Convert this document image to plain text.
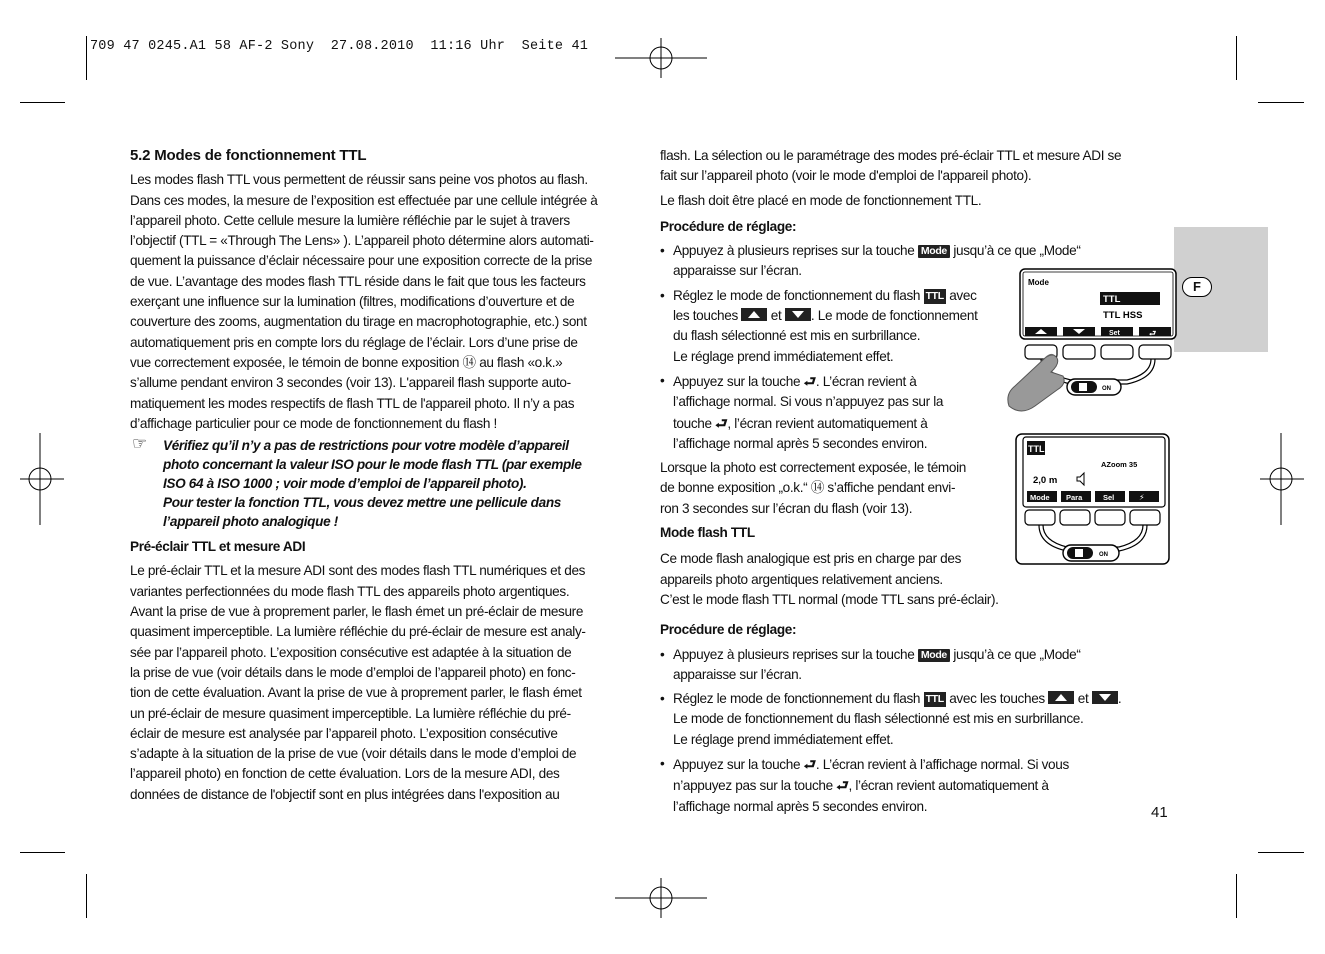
709 47 0245.A1 58 AF-2 Sony  27.08.2010  11:16 Uhr  Seite 41
F
5.2 Modes de fonctionnement TTL
Les modes flash TTL vous permettent de réussir sans peine vos photos au flash.
Dans ces modes, la mesure de l’exposition est effectuée par une cellule intégrée à
l’appareil photo. Cette cellule mesure la lumière réfléchie par le sujet à travers
l’objectif (TTL = «Through The Lens» ). L’appareil photo détermine alors automati-
quement la puissance d’éclair nécessaire pour une exposition correcte de la prise
de vue. L’avantage des modes flash TTL réside dans le fait que tous les facteurs
exerçant une influence sur la lumination (filtres, modifications d’ouverture et de
couverture des zooms, augmentation du tirage en macrophotographie, etc.) sont
automatiquement pris en compte lors du réglage de l’éclair. Lors d’une prise de
vue correctement exposée, le témoin de bonne exposition ⑭ au flash «o.k.»
s’allume pendant environ 3 secondes (voir 13). L'appareil flash supporte auto-
matiquement les modes respectifs de flash TTL de l'appareil photo. Il n’y a pas
d’affichage particulier pour ce mode de fonctionnement du flash !
☞ Vérifiez qu’il n’y a pas de restrictions pour votre modèle d’appareil
photo concernant la valeur ISO pour le mode flash TTL (par exemple
ISO 64 à ISO 1000 ; voir mode d’emploi de l’appareil photo).
Pour tester la fonction TTL, vous devez mettre une pellicule dans
l’appareil photo analogique !
Pré-éclair TTL et mesure ADI
Le pré-éclair TTL et la mesure ADI sont des modes flash TTL numériques et des
variantes perfectionnées du mode flash TTL des appareils photo argentiques.
Avant la prise de vue à proprement parler, le flash émet un pré-éclair de mesure
quasiment imperceptible. La lumière réfléchie du pré-éclair de mesure est analy-
sée par l’appareil photo. L’exposition consécutive est adaptée à la situation de
la prise de vue (voir détails dans le mode d’emploi de l’appareil photo) en fonc-
tion de cette évaluation. Avant la prise de vue à proprement parler, le flash émet
un pré-éclair de mesure quasiment imperceptible. La lumière réfléchie du pré-
éclair de mesure est analysée par l’appareil photo. L’exposition consécutive
s’adapte à la situation de la prise de vue (voir détails dans le mode d’emploi de
l’appareil photo) en fonction de cette évaluation. Lors de la mesure ADI, des
données de distance de l'objectif sont en plus intégrées dans l'exposition au
flash. La sélection ou le paramétrage des modes pré-éclair TTL et mesure ADI se
fait sur l’appareil photo (voir le mode d'emploi de l'appareil photo).
Le flash doit être placé en mode de fonctionnement TTL.
Procédure de réglage:
• Appuyez à plusieurs reprises sur la touche Mode jusqu’à ce que „Mode“
apparaisse sur l’écran.
• Réglez le mode de fonctionnement du flash TTL avec
les touches et . Le mode de fonctionnement
du flash sélectionné est mis en surbrillance.
Le réglage prend immédiatement effet.
• Appuyez sur la touche ⮐. L’écran revient à
l’affichage normal. Si vous n’appuyez pas sur la
touche ⮐, l’écran revient automatiquement à
l’affichage normal après 5 secondes environ.
Lorsque la photo est correctement exposée, le témoin
de bonne exposition „o.k.“ ⑭ s’affiche pendant envi-
ron 3 secondes sur l’écran du flash (voir 13).
Mode flash TTL
Ce mode flash analogique est pris en charge par des
appareils photo argentiques relativement anciens.
C’est le mode flash TTL normal (mode TTL sans pré-éclair).
Procédure de réglage:
• Appuyez à plusieurs reprises sur la touche Mode jusqu’à ce que „Mode“
apparaisse sur l’écran.
• Réglez le mode de fonctionnement du flash TTL avec les touches et .
Le mode de fonctionnement du flash sélectionné est mis en surbrillance.
Le réglage prend immédiatement effet.
• Appuyez sur la touche ⮐. L’écran revient à l’affichage normal. Si vous
n’appuyez pas sur la touche ⮐, l’écran revient automatiquement à
l’affichage normal après 5 secondes environ.
Mode
TTL
TTL HSS
Set	⮐
ON
TTL
AZoom 35
2,0 m
Mode Para	Sel	⚡
ON
41
